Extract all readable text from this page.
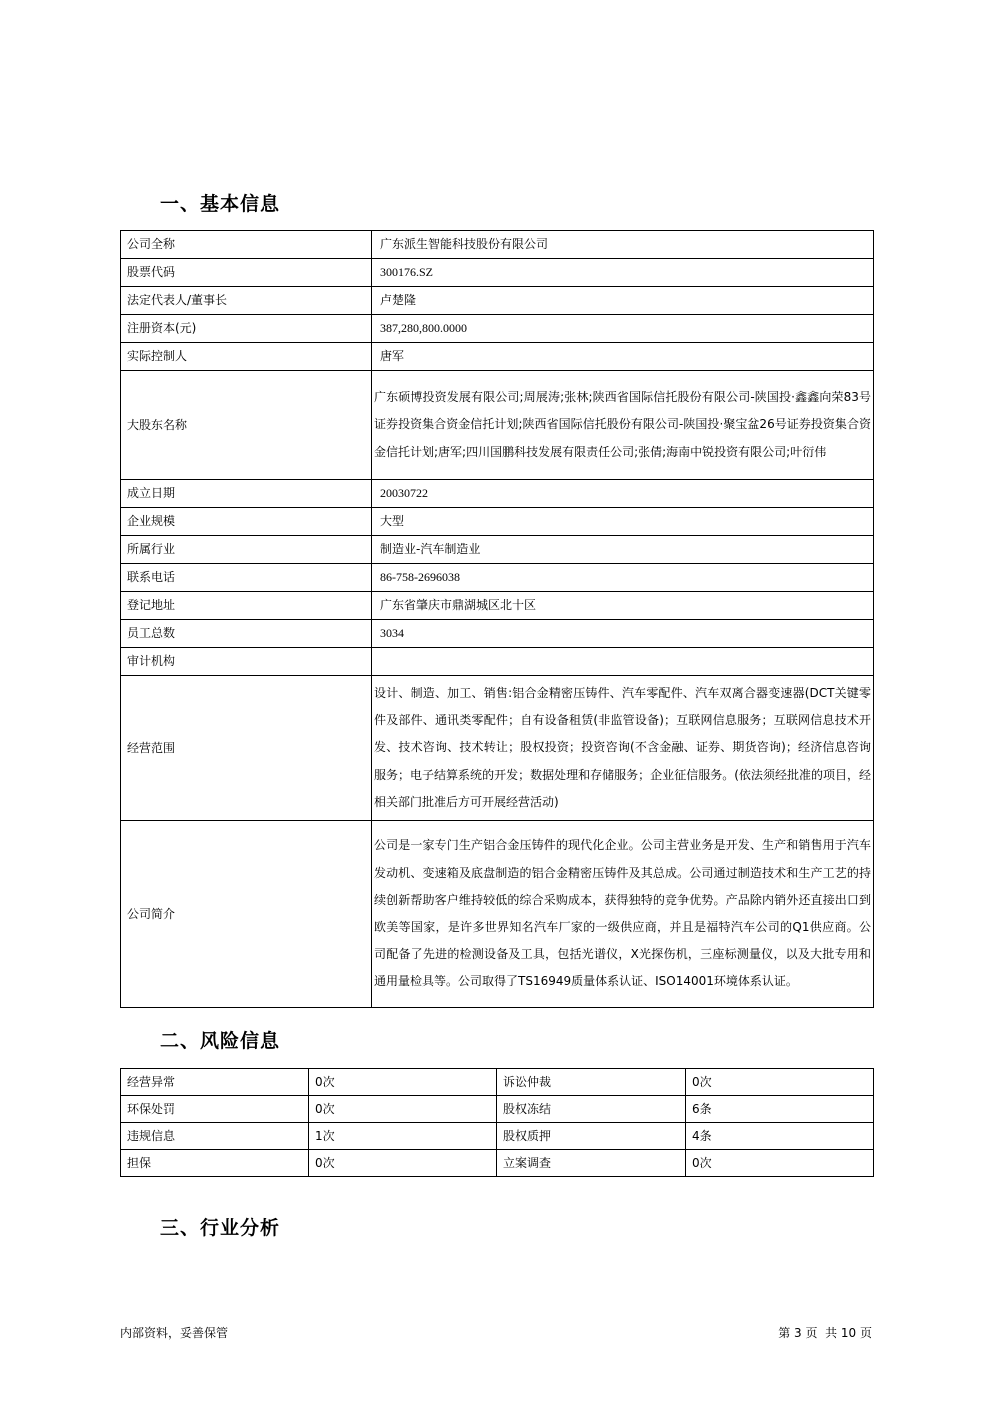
一、基本信息
公司全称	广东派生智能科技股份有限公司
股票代码	300176.SZ
法定代表人/董事长	卢楚隆
注册资本(元)	387,280,800.0000
实际控制人	唐军
大股东名称	广东硕博投资发展有限公司;周展涛;张林;陕西省国际信托股份有限公司-陕国投·鑫鑫向荣83号证券投资集合资金信托计划;陕西省国际信托股份有限公司-陕国投·聚宝盆26号证券投资集合资金信托计划;唐军;四川国鹏科技发展有限责任公司;张倩;海南中锐投资有限公司;叶衍伟
成立日期	20030722
企业规模	大型
所属行业	制造业-汽车制造业
联系电话	86-758-2696038
登记地址	广东省肇庆市鼎湖城区北十区
员工总数	3034
审计机构	
经营范围	设计、制造、加工、销售:铝合金精密压铸件、汽车零配件、汽车双离合器变速器(DCT关键零件及部件、通讯类零配件；自有设备租赁(非监管设备)；互联网信息服务；互联网信息技术开发、技术咨询、技术转让；股权投资；投资咨询(不含金融、证券、期货咨询)；经济信息咨询服务；电子结算系统的开发；数据处理和存储服务；企业征信服务。(依法须经批准的项目，经相关部门批准后方可开展经营活动)
公司简介	公司是一家专门生产铝合金压铸件的现代化企业。公司主营业务是开发、生产和销售用于汽车发动机、变速箱及底盘制造的铝合金精密压铸件及其总成。公司通过制造技术和生产工艺的持续创新帮助客户维持较低的综合采购成本，获得独特的竞争优势。产品除内销外还直接出口到欧美等国家，是许多世界知名汽车厂家的一级供应商，并且是福特汽车公司的Q1供应商。公司配备了先进的检测设备及工具，包括光谱仪，X光探伤机，三座标测量仪，以及大批专用和通用量检具等。公司取得了TS16949质量体系认证、ISO14001环境体系认证。
二、风险信息
经营异常	0次	诉讼仲裁	0次
环保处罚	0次	股权冻结	6条
违规信息	1次	股权质押	4条
担保	0次	立案调查	0次
三、行业分析
内部资料，妥善保管	第 3 页  共 10 页
